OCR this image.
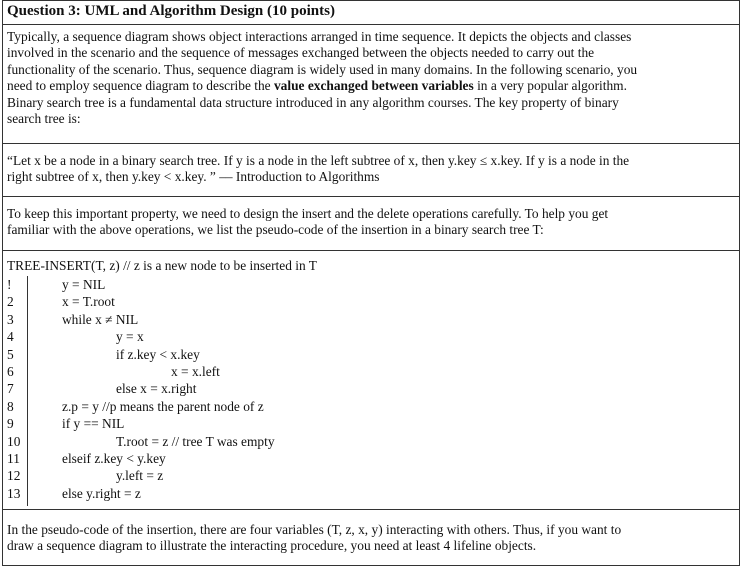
Question 3: UML and Algorithm Design (10 points)
Typically, a sequence diagram shows object interactions arranged in time sequence. It depicts the objects and classes
involved in the scenario and the sequence of messages exchanged between the objects needed to carry out the
functionality of the scenario. Thus, sequence diagram is widely used in many domains. In the following scenario, you
need to employ sequence diagram to describe the value exchanged between variables in a very popular algorithm.
Binary search tree is a fundamental data structure introduced in any algorithm courses. The key property of binary
search tree is:
“Let x be a node in a binary search tree. If y is a node in the left subtree of x, then y.key ≤ x.key. If y is a node in the
right subtree of x, then y.key < x.key. ” –– Introduction to Algorithms
To keep this important property, we need to design the insert and the delete operations carefully. To help you get
familiar with the above operations, we list the pseudo-code of the insertion in a binary search tree T:
TREE-INSERT(T, z) // z is a new node to be inserted in T
!	y = NIL
2	x = T.root
3	while x ≠ NIL
4	y = x
5	if z.key < x.key
6	x = x.left
7	else x = x.right
8	z.p = y //p means the parent node of z
9	if y == NIL
10	T.root = z // tree T was empty
11	elseif z.key < y.key
12	y.left = z
13	else y.right = z
In the pseudo-code of the insertion, there are four variables (T, z, x, y) interacting with others. Thus, if you want to
draw a sequence diagram to illustrate the interacting procedure, you need at least 4 lifeline objects.
